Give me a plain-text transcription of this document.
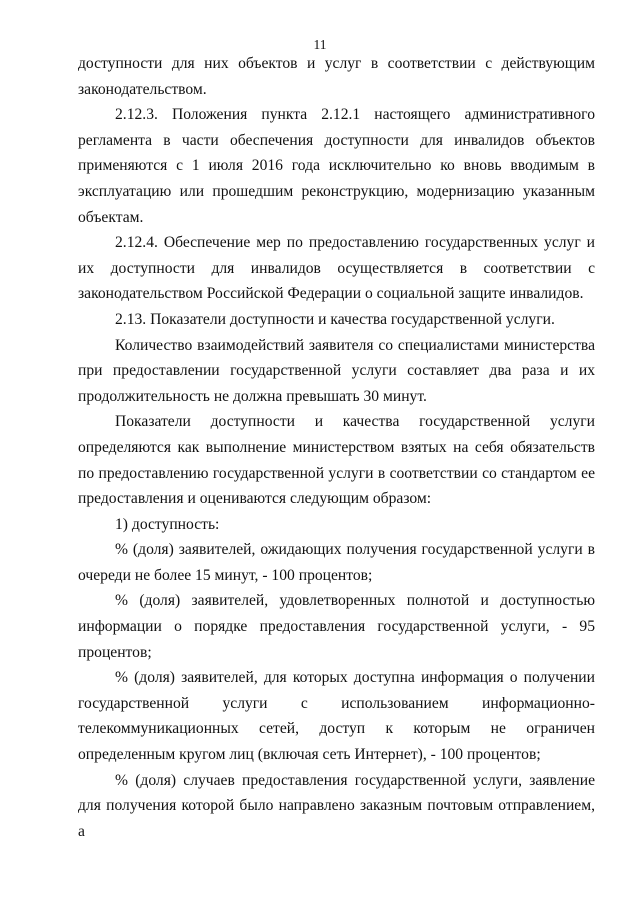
11

доступности для них объектов и услуг в соответствии с действующим законодательством.

2.12.3. Положения пункта 2.12.1 настоящего административного регламента в части обеспечения доступности для инвалидов объектов применяются с 1 июля 2016 года исключительно ко вновь вводимым в эксплуатацию или прошедшим реконструкцию, модернизацию указанным объектам.

2.12.4. Обеспечение мер по предоставлению государственных услуг и их доступности для инвалидов осуществляется в соответствии с законодательством Российской Федерации о социальной защите инвалидов.

2.13. Показатели доступности и качества государственной услуги.

Количество взаимодействий заявителя со специалистами министерства при предоставлении государственной услуги составляет два раза и их продолжительность не должна превышать 30 минут.

Показатели доступности и качества государственной услуги определяются как выполнение министерством взятых на себя обязательств по предоставлению государственной услуги в соответствии со стандартом ее предоставления и оцениваются следующим образом:

1) доступность:

% (доля) заявителей, ожидающих получения государственной услуги в очереди не более 15 минут, - 100 процентов;

% (доля) заявителей, удовлетворенных полнотой и доступностью информации о порядке предоставления государственной услуги, - 95 процентов;

% (доля) заявителей, для которых доступна информация о получении государственной услуги с использованием информационно-телекоммуникационных сетей, доступ к которым не ограничен определенным кругом лиц (включая сеть Интернет), - 100 процентов;

% (доля) случаев предоставления государственной услуги, заявление для получения которой было направлено заказным почтовым отправлением, а
